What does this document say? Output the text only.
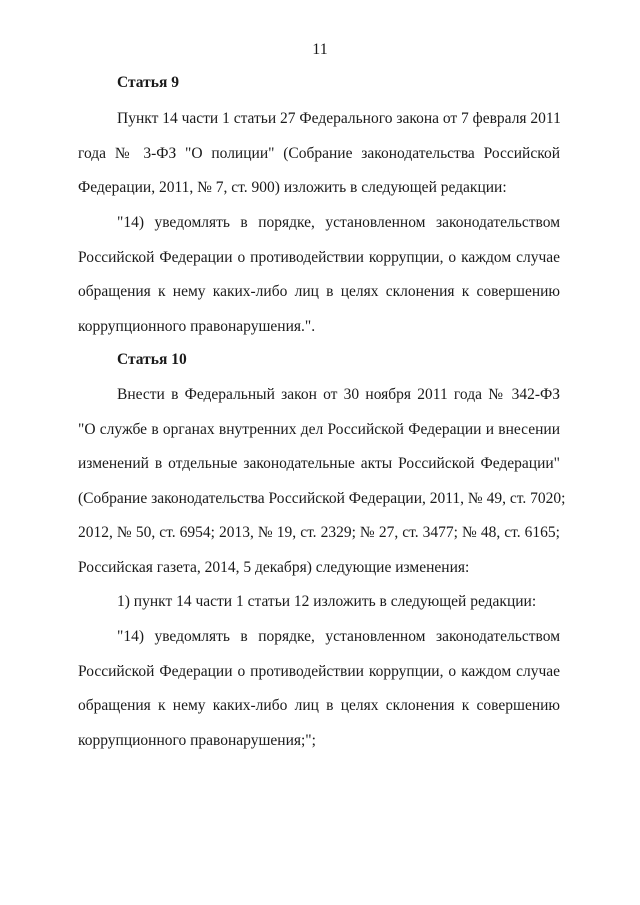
11
Статья 9
Пункт 14 части 1 статьи 27 Федерального закона от 7 февраля 2011
года № 3-ФЗ "О полиции" (Собрание законодательства Российской
Федерации, 2011, № 7, ст. 900) изложить в следующей редакции:
"14) уведомлять в порядке, установленном законодательством
Российской Федерации о противодействии коррупции, о каждом случае
обращения к нему каких-либо лиц в целях склонения к совершению
коррупционного правонарушения.".
Статья 10
Внести в Федеральный закон от 30 ноября 2011 года № 342-ФЗ
"О службе в органах внутренних дел Российской Федерации и внесении
изменений в отдельные законодательные акты Российской Федерации"
(Собрание законодательства Российской Федерации, 2011, № 49, ст. 7020;
2012, № 50, ст. 6954; 2013, № 19, ст. 2329; № 27, ст. 3477; № 48, ст. 6165;
Российская газета, 2014, 5 декабря) следующие изменения:
1) пункт 14 части 1 статьи 12 изложить в следующей редакции:
"14) уведомлять в порядке, установленном законодательством
Российской Федерации о противодействии коррупции, о каждом случае
обращения к нему каких-либо лиц в целях склонения к совершению
коррупционного правонарушения;";
